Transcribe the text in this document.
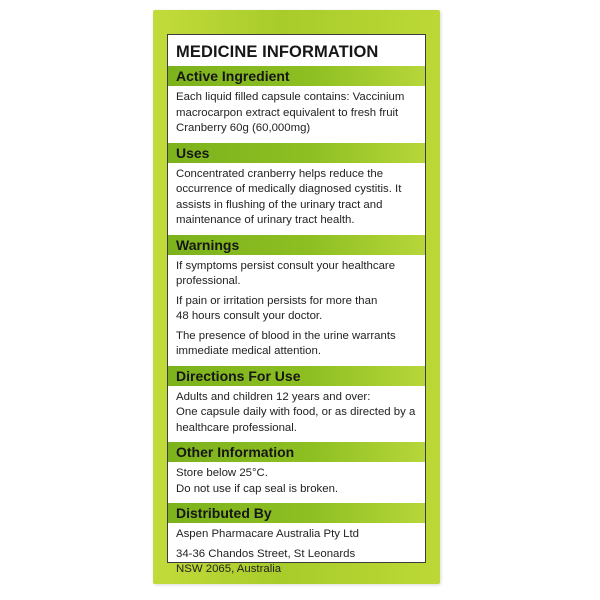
MEDICINE INFORMATION
Active Ingredient

Each liquid filled capsule contains: Vaccinium
macrocarpon extract equivalent to fresh fruit
Cranberry 60g (60,000mg)

Uses

Concentrated cranberry helps reduce the
occurrence of medically diagnosed cystitis. It
assists in flushing of the urinary tract and
maintenance of urinary tract health.

Warnings

If symptoms persist consult your healthcare
professional.

If pain or irritation persists for more than
48 hours consult your doctor.

The presence of blood in the urine warrants
immediate medical attention.

Directions For Use

Adults and children 12 years and over:
One capsule daily with food, or as directed by a
healthcare professional.

Other Information

Store below 25°C.
Do not use if cap seal is broken.

Distributed By

Aspen Pharmacare Australia Pty Ltd

34-36 Chandos Street, St Leonards
NSW 2065, Australia
